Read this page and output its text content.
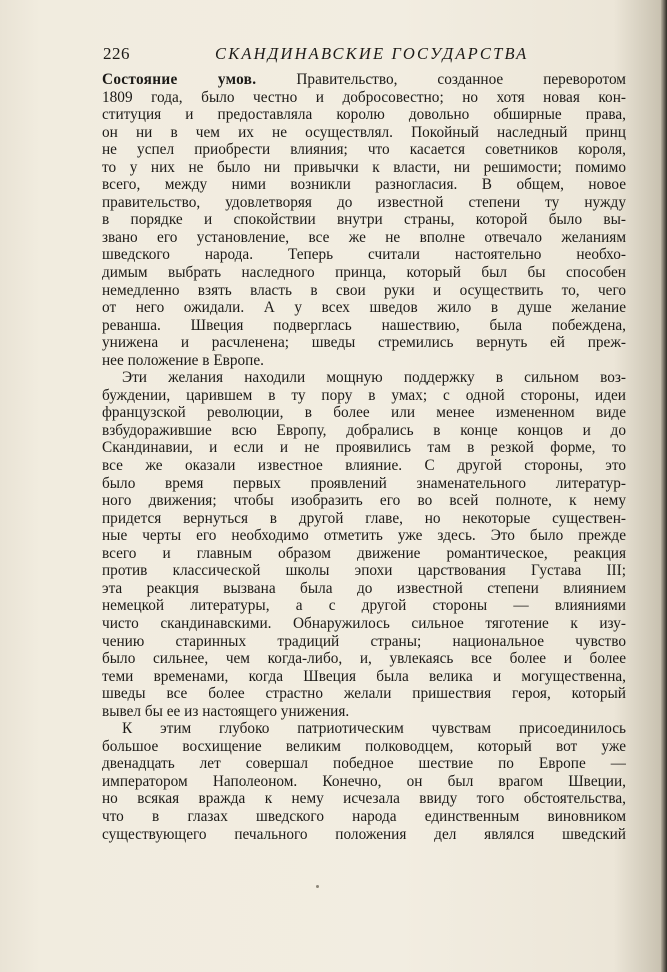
226	СКАНДИНАВСКИЕ ГОСУДАРСТВА
Состояние умов. Правительство, созданное переворотом
1809 года, было честно и добросовестно; но хотя новая кон-
ституция и предоставляла королю довольно обширные права,
он ни в чем их не осуществлял. Покойный наследный принц
не успел приобрести влияния; что касается советников короля,
то у них не было ни привычки к власти, ни решимости; помимо
всего, между ними возникли разногласия. В общем, новое
правительство, удовлетворяя до известной степени ту нужду
в порядке и спокойствии внутри страны, которой было вы-
звано его установление, все же не вполне отвечало желаниям
шведского народа. Теперь считали настоятельно необхо-
димым выбрать наследного принца, который был бы способен
немедленно взять власть в свои руки и осуществить то, чего
от него ожидали. А у всех шведов жило в душе желание
реванша. Швеция подверглась нашествию, была побеждена,
унижена и расчленена; шведы стремились вернуть ей преж-
нее положение в Европе.
Эти желания находили мощную поддержку в сильном воз-
буждении, царившем в ту пору в умах; с одной стороны, идеи
французской революции, в более или менее измененном виде
взбудоражившие всю Европу, добрались в конце концов и до
Скандинавии, и если и не проявились там в резкой форме, то
все же оказали известное влияние. С другой стороны, это
было время первых проявлений знаменательного литератур-
ного движения; чтобы изобразить его во всей полноте, к нему
придется вернуться в другой главе, но некоторые существен-
ные черты его необходимо отметить уже здесь. Это было прежде
всего и главным образом движение романтическое, реакция
против классической школы эпохи царствования Густава III;
эта реакция вызвана была до известной степени влиянием
немецкой литературы, а с другой стороны — влияниями
чисто скандинавскими. Обнаружилось сильное тяготение к изу-
чению старинных традиций страны; национальное чувство
было сильнее, чем когда-либо, и, увлекаясь все более и более
теми временами, когда Швеция была велика и могущественна,
шведы все более страстно желали пришествия героя, который
вывел бы ее из настоящего унижения.
К этим глубоко патриотическим чувствам присоединилось
большое восхищение великим полководцем, который вот уже
двенадцать лет совершал победное шествие по Европе —
императором Наполеоном. Конечно, он был врагом Швеции,
но всякая вражда к нему исчезала ввиду того обстоятельства,
что в глазах шведского народа единственным виновником
существующего печального положения дел являлся шведский
